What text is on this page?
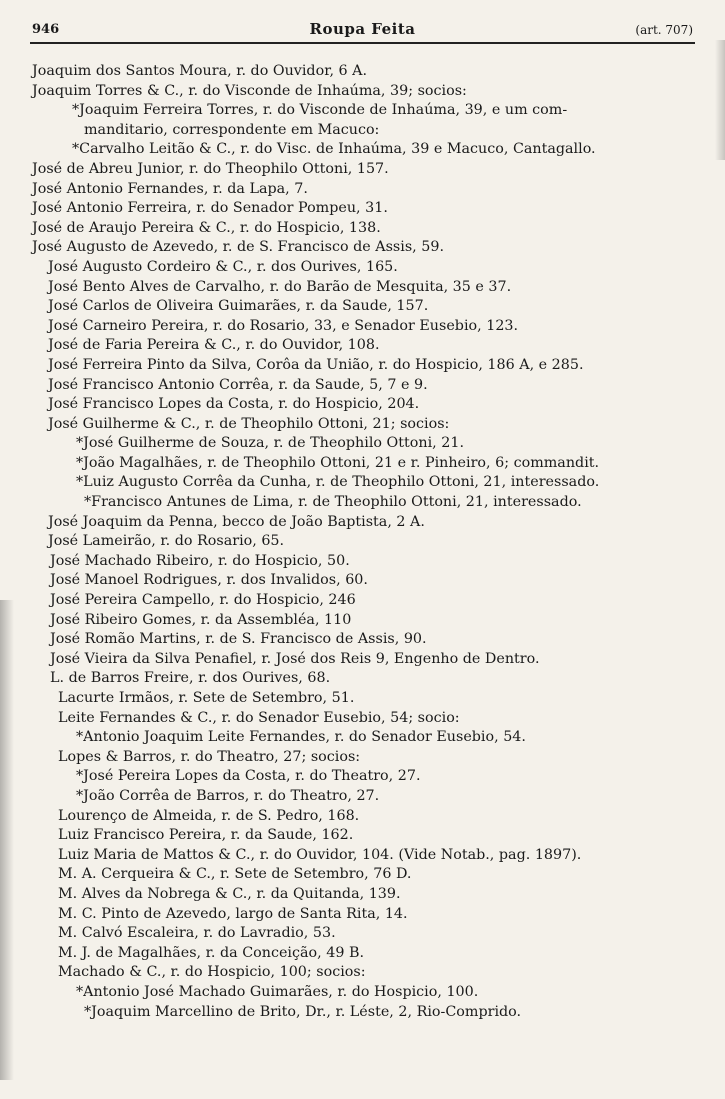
946	Roupa Feita	(art. 707)
Joaquim dos Santos Moura, r. do Ouvidor, 6 A.
Joaquim Torres & C., r. do Visconde de Inhaúma, 39; socios:
*Joaquim Ferreira Torres, r. do Visconde de Inhaúma, 39, e um com-
manditario, correspondente em Macuco:
*Carvalho Leitão & C., r. do Visc. de Inhaúma, 39 e Macuco, Cantagallo.
José de Abreu Junior, r. do Theophilo Ottoni, 157.
José Antonio Fernandes, r. da Lapa, 7.
José Antonio Ferreira, r. do Senador Pompeu, 31.
José de Araujo Pereira & C., r. do Hospicio, 138.
José Augusto de Azevedo, r. de S. Francisco de Assis, 59.
José Augusto Cordeiro & C., r. dos Ourives, 165.
José Bento Alves de Carvalho, r. do Barão de Mesquita, 35 e 37.
José Carlos de Oliveira Guimarães, r. da Saude, 157.
José Carneiro Pereira, r. do Rosario, 33, e Senador Eusebio, 123.
José de Faria Pereira & C., r. do Ouvidor, 108.
José Ferreira Pinto da Silva, Corôa da União, r. do Hospicio, 186 A, e 285.
José Francisco Antonio Corrêa, r. da Saude, 5, 7 e 9.
José Francisco Lopes da Costa, r. do Hospicio, 204.
José Guilherme & C., r. de Theophilo Ottoni, 21; socios:
*José Guilherme de Souza, r. de Theophilo Ottoni, 21.
*João Magalhães, r. de Theophilo Ottoni, 21 e r. Pinheiro, 6; commandit.
*Luiz Augusto Corrêa da Cunha, r. de Theophilo Ottoni, 21, interessado.
*Francisco Antunes de Lima, r. de Theophilo Ottoni, 21, interessado.
José Joaquim da Penna, becco de João Baptista, 2 A.
José Lameirão, r. do Rosario, 65.
José Machado Ribeiro, r. do Hospicio, 50.
José Manoel Rodrigues, r. dos Invalidos, 60.
José Pereira Campello, r. do Hospicio, 246
José Ribeiro Gomes, r. da Assembléa, 110
José Romão Martins, r. de S. Francisco de Assis, 90.
José Vieira da Silva Penafiel, r. José dos Reis 9, Engenho de Dentro.
L. de Barros Freire, r. dos Ourives, 68.
Lacurte Irmãos, r. Sete de Setembro, 51.
Leite Fernandes & C., r. do Senador Eusebio, 54; socio:
*Antonio Joaquim Leite Fernandes, r. do Senador Eusebio, 54.
Lopes & Barros, r. do Theatro, 27; socios:
*José Pereira Lopes da Costa, r. do Theatro, 27.
*João Corrêa de Barros, r. do Theatro, 27.
Lourenço de Almeida, r. de S. Pedro, 168.
Luiz Francisco Pereira, r. da Saude, 162.
Luiz Maria de Mattos & C., r. do Ouvidor, 104. (Vide Notab., pag. 1897).
M. A. Cerqueira & C., r. Sete de Setembro, 76 D.
M. Alves da Nobrega & C., r. da Quitanda, 139.
M. C. Pinto de Azevedo, largo de Santa Rita, 14.
M. Calvó Escaleira, r. do Lavradio, 53.
M. J. de Magalhães, r. da Conceição, 49 B.
Machado & C., r. do Hospicio, 100; socios:
*Antonio José Machado Guimarães, r. do Hospicio, 100.
*Joaquim Marcellino de Brito, Dr., r. Léste, 2, Rio-Comprido.
